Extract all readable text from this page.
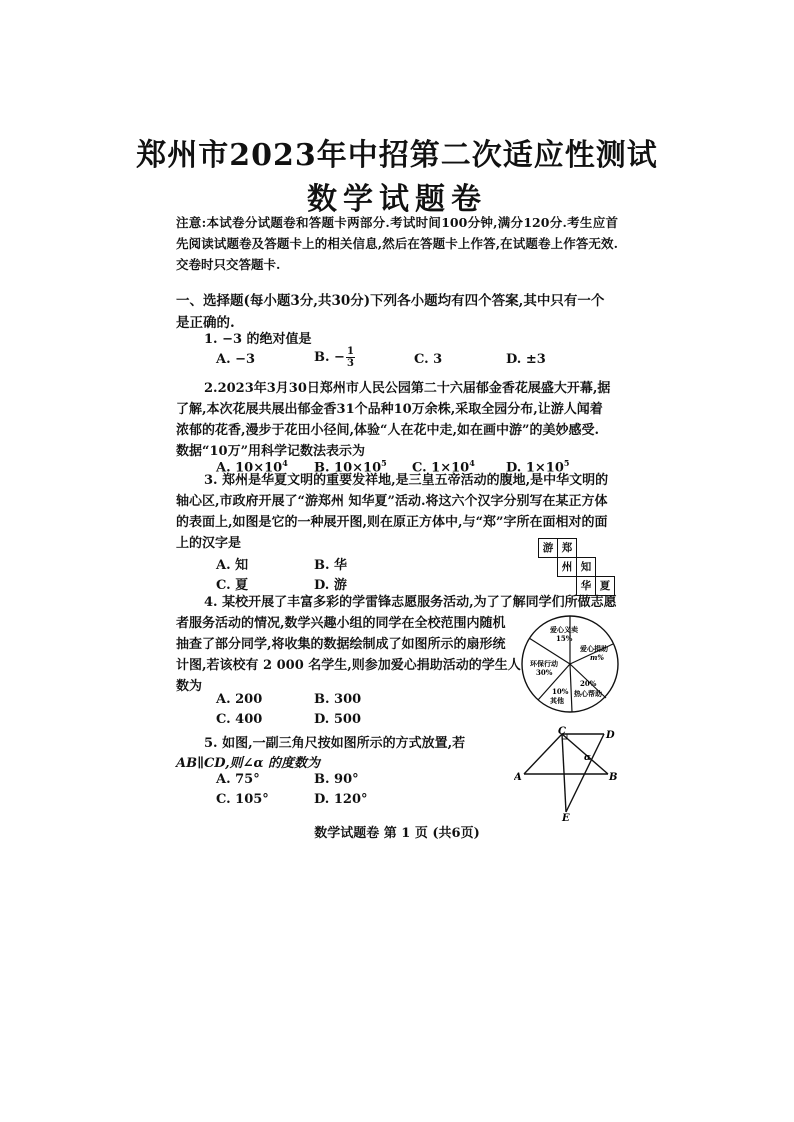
郑州市2023年中招第二次适应性测试
数学试题卷
注意:本试卷分试题卷和答题卡两部分.考试时间100分钟,满分120分.考生应首先阅读试题卷及答题卡上的相关信息,然后在答题卡上作答,在试题卷上作答无效.交卷时只交答题卡.
一、选择题(每小题3分,共30分)下列各小题均有四个答案,其中只有一个
是正确的.
1. −3 的绝对值是
A. −3	B. − $\frac{1}{3}$	C. 3	D. ±3
2.2023年3月30日郑州市人民公园第二十六届郁金香花展盛大开幕,据
了解,本次花展共展出郁金香31个品种10万余株,采取全园分布,让游人闻着
浓郁的花香,漫步于花田小径间,体验“人在花中走,如在画中游”的美妙感受.
数据“10万”用科学记数法表示为
A. $10\times 10^4$ B. $10\times 10^5$ C. $1\times 10^4$ D. $1\times 10^5$
3. 郑州是华夏文明的重要发祥地,是三皇五帝活动的腹地,是中华文明的
轴心区,市政府开展了“游郑州 知华夏”活动.将这六个汉字分别写在某正方体
的表面上,如图是它的一种展开图,则在原正方体中,与“郑”字所在面相对的面
上的汉字是
A. 知	B. 华
C. 夏	D. 游
游 郑
州 知
华 夏
4. 某校开展了丰富多彩的学雷锋志愿服务活动,为了了解同学们所做志愿
者服务活动的情况,数学兴趣小组的同学在全校范围内随机
抽查了部分同学,将收集的数据绘制成了如图所示的扇形统
计图,若该校有 2 000 名学生,则参加爱心捐助活动的学生人
数为
A. 200	B. 300
C. 400	D. 500
爱心义卖
15%
爱心捐助
m%
环保行动
30%
10%
其他
20%
热心帮助
5. 如图,一副三角尺按如图所示的方式放置,若
AB∥CD,则∠α 的度数为
A. 75°	B. 90°
C. 105°	D. 120°
C	D
A	B
E
α
数学试题卷 第 1 页 (共6页)
